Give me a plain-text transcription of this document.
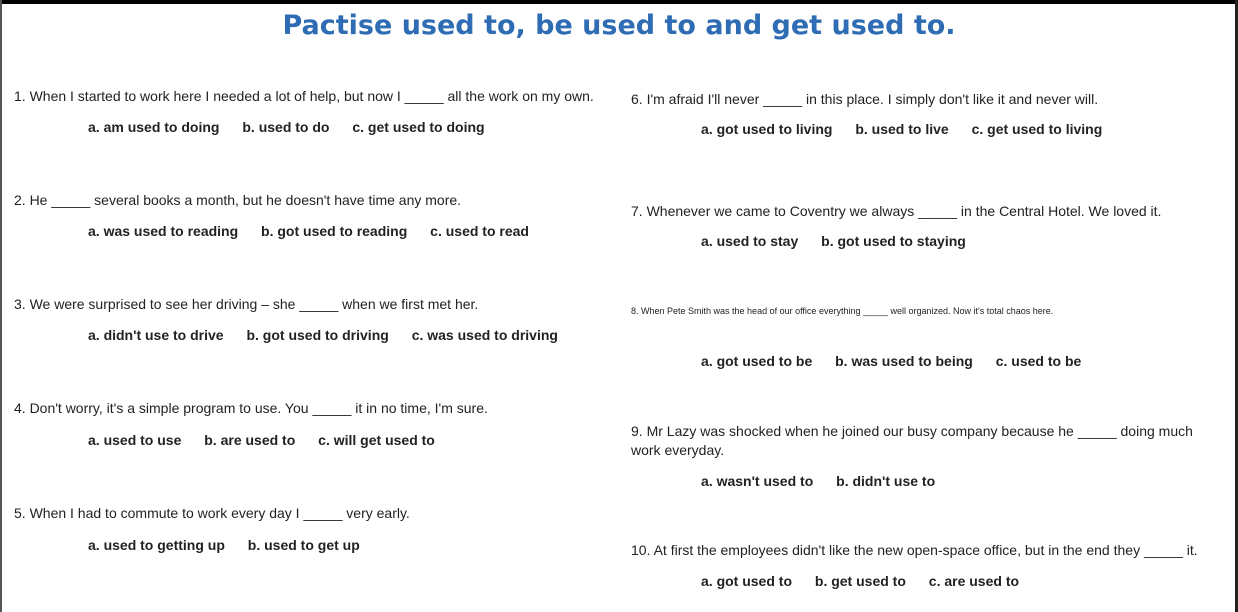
Pactise used to, be used to and get used to.
1. When I started to work here I needed a lot of help, but now I _____ all the work on my own.
a. am used to doing b. used to do c. get used to doing
2. He _____ several books a month, but he doesn't have time any more.
a. was used to reading b. got used to reading c. used to read
3. We were surprised to see her driving – she _____ when we first met her.
a. didn't use to drive b. got used to driving c. was used to driving
4. Don't worry, it's a simple program to use. You _____ it in no time, I'm sure.
a. used to use b. are used to c. will get used to
5. When I had to commute to work every day I _____ very early.
a. used to getting up b. used to get up
6. I'm afraid I'll never _____ in this place. I simply don't like it and never will.
a. got used to living b. used to live c. get used to living
7. Whenever we came to Coventry we always _____ in the Central Hotel. We loved it.
a. used to stay b. got used to staying
8. When Pete Smith was the head of our office everything _____ well organized. Now it's total chaos here.
a. got used to be b. was used to being c. used to be
9. Mr Lazy was shocked when he joined our busy company because he _____ doing much work everyday.
a. wasn't used to b. didn't use to
10. At first the employees didn't like the new open-space office, but in the end they _____ it.
a. got used to b. get used to c. are used to
